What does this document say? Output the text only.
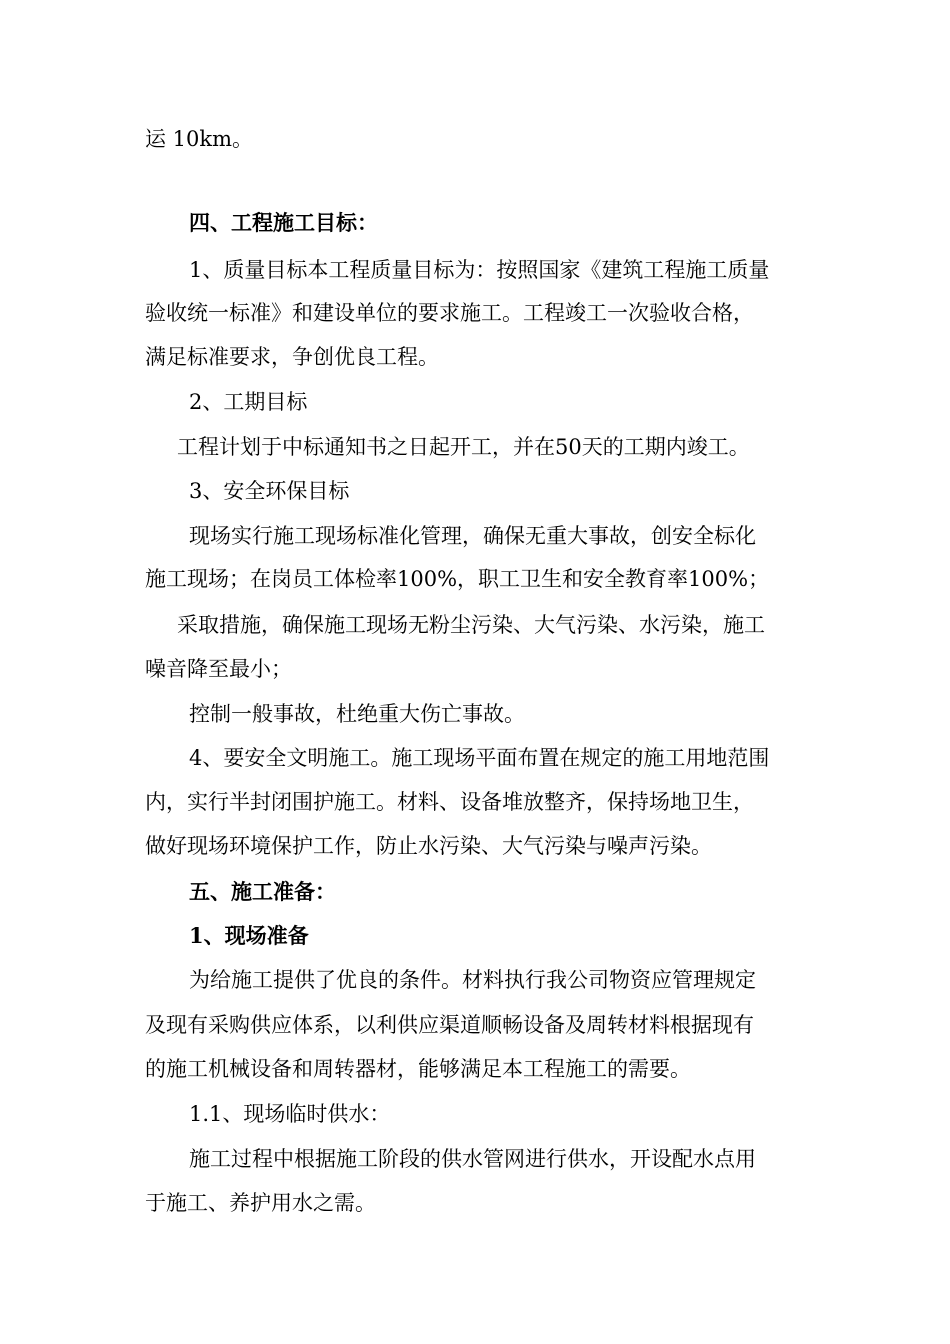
运 10km。
四、工程施工目标：
1、质量目标本工程质量目标为：按照国家《建筑工程施工质量
验收统一标准》和建设单位的要求施工。工程竣工一次验收合格，
满足标准要求，争创优良工程。
2、工期目标
工程计划于中标通知书之日起开工，并在50天的工期内竣工。
3、安全环保目标
现场实行施工现场标准化管理，确保无重大事故，创安全标化
施工现场；在岗员工体检率100%，职工卫生和安全教育率100%；
采取措施，确保施工现场无粉尘污染、大气污染、水污染，施工
噪音降至最小；
控制一般事故，杜绝重大伤亡事故。
4、要安全文明施工。施工现场平面布置在规定的施工用地范围
内，实行半封闭围护施工。材料、设备堆放整齐，保持场地卫生，
做好现场环境保护工作，防止水污染、大气污染与噪声污染。
五、施工准备：
1、现场准备
为给施工提供了优良的条件。材料执行我公司物资应管理规定
及现有采购供应体系，以利供应渠道顺畅设备及周转材料根据现有
的施工机械设备和周转器材，能够满足本工程施工的需要。
1.1、现场临时供水：
施工过程中根据施工阶段的供水管网进行供水，开设配水点用
于施工、养护用水之需。
